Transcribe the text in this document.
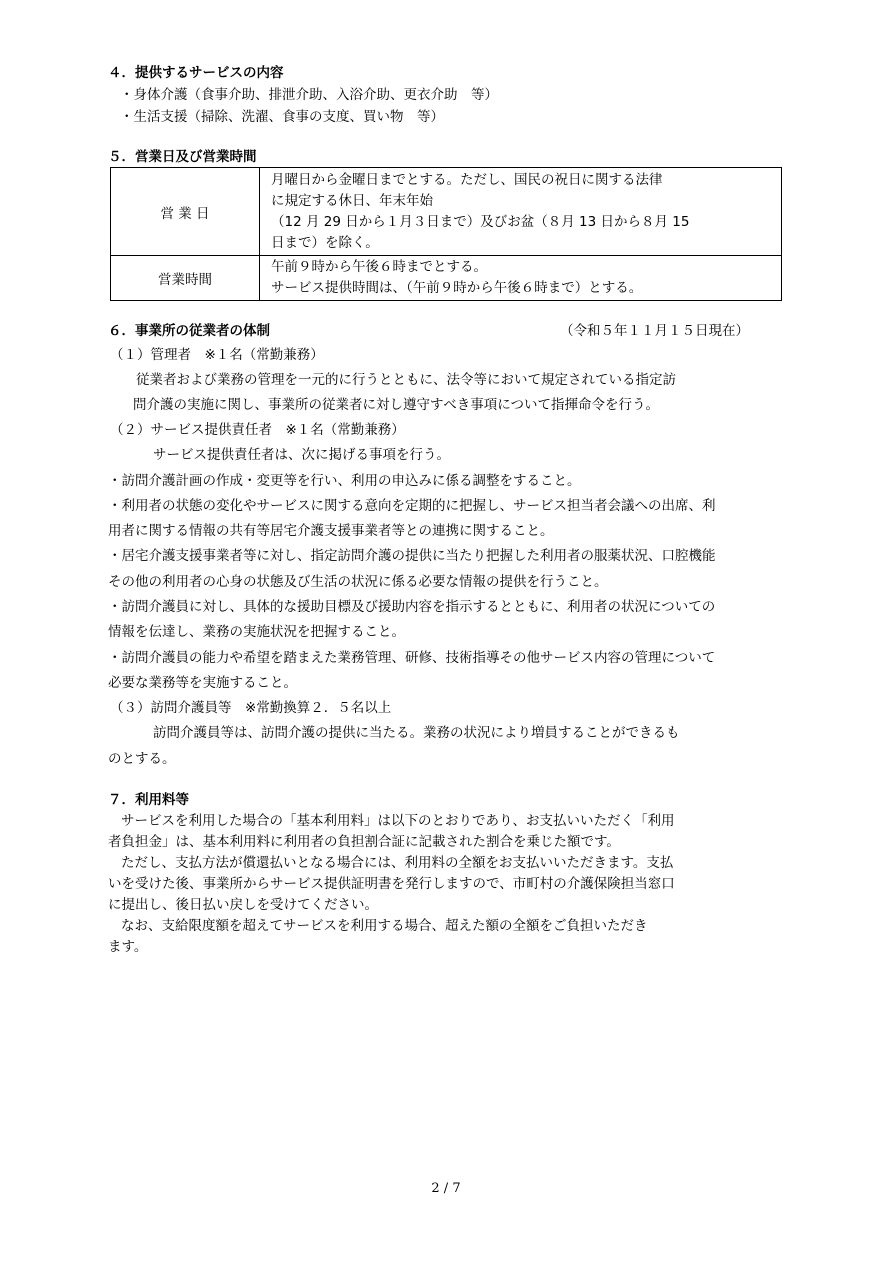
４．提供するサービスの内容
・身体介護（食事介助、排泄介助、入浴介助、更衣介助　等）
・生活支援（掃除、洗濯、食事の支度、買い物　等）
５．営業日及び営業時間
営 業 日	月曜日から金曜日までとする。ただし、国民の祝日に関する法律
に規定する休日、年末年始
（12 月 29 日から１月３日まで）及びお盆（８月 13 日から８月 15
日まで）を除く。

営業時間	午前９時から午後６時までとする。
サービス提供時間は、（午前９時から午後６時まで）とする。
６．事業所の従業者の体制	（令和５年１１月１５日現在）
（１）管理者　※１名（常勤兼務）
従業者および業務の管理を一元的に行うとともに、法令等において規定されている指定訪
問介護の実施に関し、事業所の従業者に対し遵守すべき事項について指揮命令を行う。
（２）サービス提供責任者　※１名（常勤兼務）
サービス提供責任者は、次に掲げる事項を行う。
・訪問介護計画の作成・変更等を行い、利用の申込みに係る調整をすること。
・利用者の状態の変化やサービスに関する意向を定期的に把握し、サービス担当者会議への出席、利
用者に関する情報の共有等居宅介護支援事業者等との連携に関すること。
・居宅介護支援事業者等に対し、指定訪問介護の提供に当たり把握した利用者の服薬状況、口腔機能
その他の利用者の心身の状態及び生活の状況に係る必要な情報の提供を行うこと。
・訪問介護員に対し、具体的な援助目標及び援助内容を指示するとともに、利用者の状況についての
情報を伝達し、業務の実施状況を把握すること。
・訪問介護員の能力や希望を踏まえた業務管理、研修、技術指導その他サービス内容の管理について
必要な業務等を実施すること。
（３）訪問介護員等　※常勤換算２．５名以上
訪問介護員等は、訪問介護の提供に当たる。業務の状況により増員することができるも
のとする。
７．利用料等
サービスを利用した場合の「基本利用料」は以下のとおりであり、お支払いいただく「利用
者負担金」は、基本利用料に利用者の負担割合証に記載された割合を乗じた額です。
ただし、支払方法が償還払いとなる場合には、利用料の全額をお支払いいただきます。支払
いを受けた後、事業所からサービス提供証明書を発行しますので、市町村の介護保険担当窓口
に提出し、後日払い戻しを受けてください。
なお、支給限度額を超えてサービスを利用する場合、超えた額の全額をご負担いただき
ます。
2 / 7
